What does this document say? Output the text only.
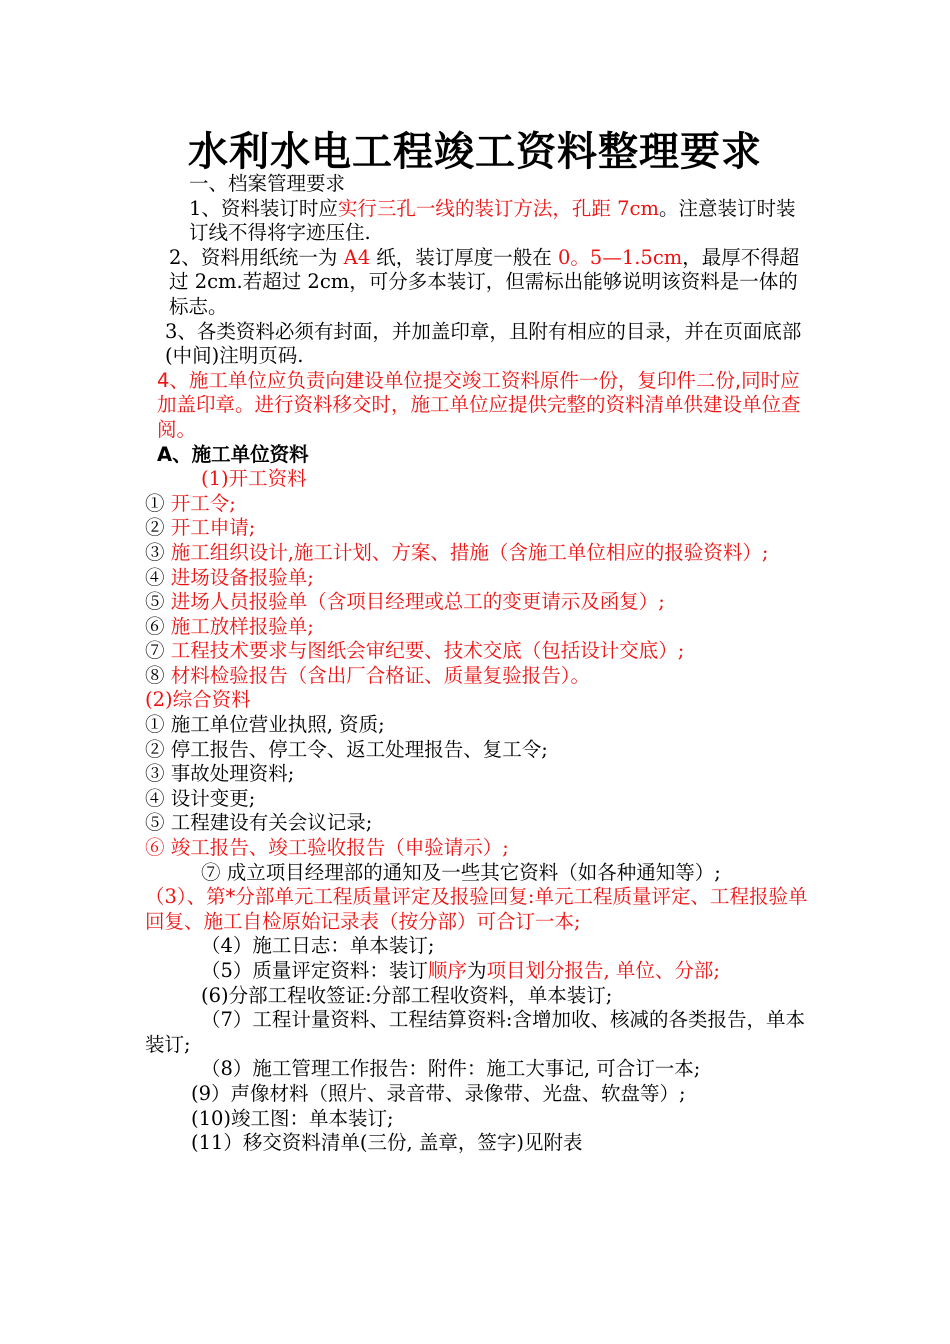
水利水电工程竣工资料整理要求

一、档案管理要求

1、资料装订时应实行三孔一线的装订方法，孔距 7cm。注意装订时装订线不得将字迹压住.

2、资料用纸统一为 A4 纸，装订厚度一般在 0。5—1.5cm，最厚不得超过 2cm.若超过 2cm，可分多本装订，但需标出能够说明该资料是一体的标志。

3、各类资料必须有封面，并加盖印章，且附有相应的目录，并在页面底部(中间)注明页码.

4、施工单位应负责向建设单位提交竣工资料原件一份，复印件二份,同时应加盖印章。进行资料移交时，施工单位应提供完整的资料清单供建设单位查阅。

A、施工单位资料

(1)开工资料

① 开工令;

② 开工申请;

③ 施工组织设计,施工计划、方案、措施（含施工单位相应的报验资料）;

④ 进场设备报验单;

⑤ 进场人员报验单（含项目经理或总工的变更请示及函复）;

⑥ 施工放样报验单;

⑦ 工程技术要求与图纸会审纪要、技术交底（包括设计交底）;

⑧ 材料检验报告（含出厂合格证、质量复验报告）。

(2)综合资料

① 施工单位营业执照, 资质;

② 停工报告、停工令、返工处理报告、复工令;

③ 事故处理资料;

④ 设计变更;

⑤ 工程建设有关会议记录;

⑥ 竣工报告、竣工验收报告（申验请示）;

⑦ 成立项目经理部的通知及一些其它资料（如各种通知等）;

（3）、第*分部单元工程质量评定及报验回复:单元工程质量评定、工程报验单回复、施工自检原始记录表（按分部）可合订一本;

（4）施工日志：单本装订;

（5）质量评定资料：装订顺序为项目划分报告, 单位、分部;

(6)分部工程收签证:分部工程收资料，单本装订;

（7）工程计量资料、工程结算资料:含增加收、核减的各类报告，单本装订;

（8）施工管理工作报告：附件：施工大事记, 可合订一本;

(9）声像材料（照片、录音带、录像带、光盘、软盘等）;

(10)竣工图：单本装订;

(11）移交资料清单(三份, 盖章，签字)见附表
